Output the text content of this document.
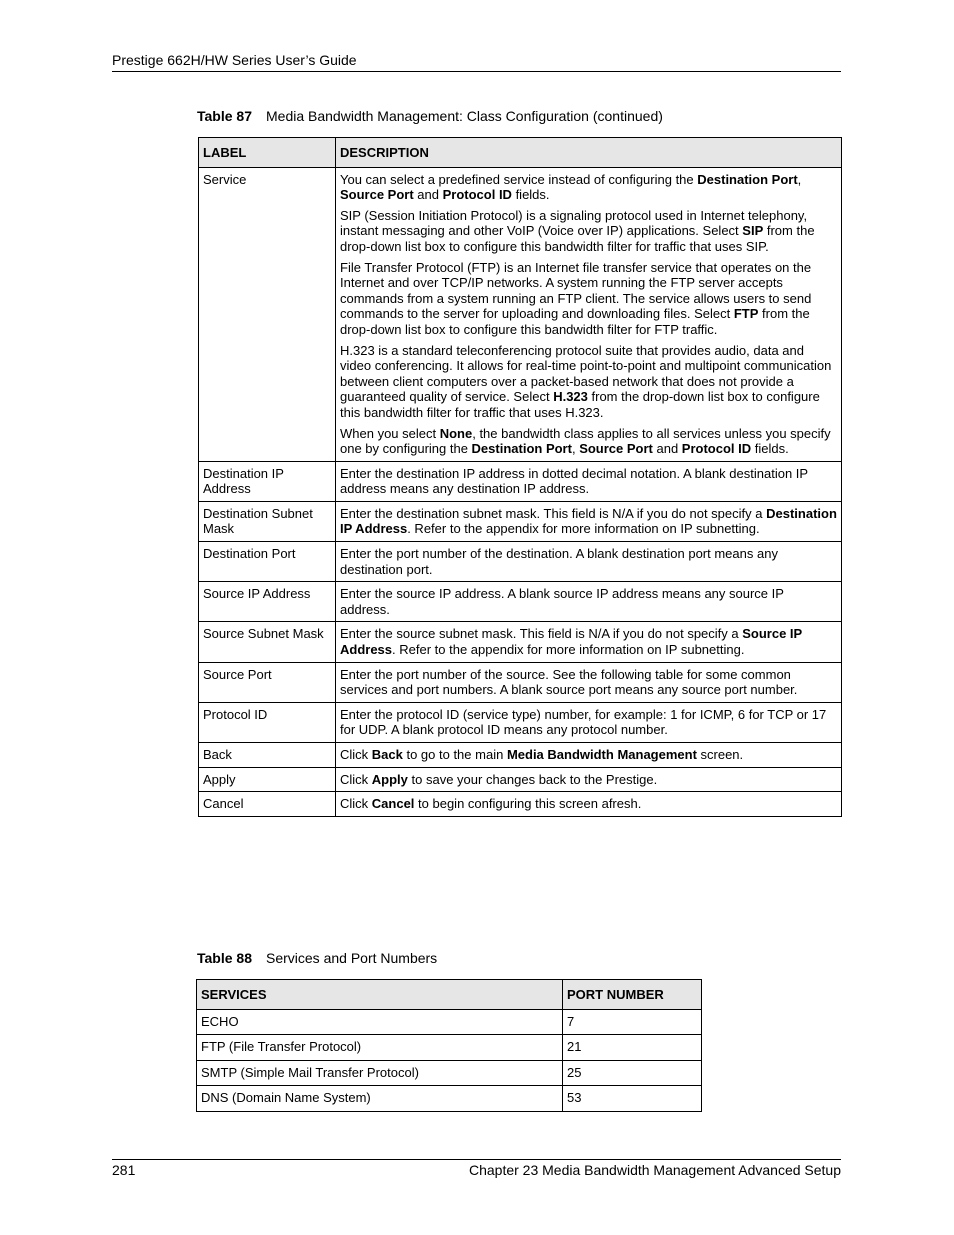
Prestige 662H/HW Series User’s Guide
Table 87 Media Bandwidth Management: Class Configuration (continued)
LABEL	DESCRIPTION
Service	You can select a predefined service instead of configuring the Destination Port, Source Port and Protocol ID fields.

SIP (Session Initiation Protocol) is a signaling protocol used in Internet telephony, instant messaging and other VoIP (Voice over IP) applications. Select SIP from the drop-down list box to configure this bandwidth filter for traffic that uses SIP.

File Transfer Protocol (FTP) is an Internet file transfer service that operates on the Internet and over TCP/IP networks. A system running the FTP server accepts commands from a system running an FTP client. The service allows users to send commands to the server for uploading and downloading files. Select FTP from the drop-down list box to configure this bandwidth filter for FTP traffic.

H.323 is a standard teleconferencing protocol suite that provides audio, data and video conferencing. It allows for real-time point-to-point and multipoint communication between client computers over a packet-based network that does not provide a guaranteed quality of service. Select H.323 from the drop-down list box to configure this bandwidth filter for traffic that uses H.323.

When you select None, the bandwidth class applies to all services unless you specify one by configuring the Destination Port, Source Port and Protocol ID fields.

Destination IP Address	Enter the destination IP address in dotted decimal notation. A blank destination IP address means any destination IP address.

Destination Subnet Mask	Enter the destination subnet mask. This field is N/A if you do not specify a Destination IP Address. Refer to the appendix for more information on IP subnetting.

Destination Port	Enter the port number of the destination. A blank destination port means any destination port.

Source IP Address	Enter the source IP address. A blank source IP address means any source IP address.

Source Subnet Mask	Enter the source subnet mask. This field is N/A if you do not specify a Source IP Address. Refer to the appendix for more information on IP subnetting.

Source Port	Enter the port number of the source. See the following table for some common services and port numbers. A blank source port means any source port number.

Protocol ID	Enter the protocol ID (service type) number, for example: 1 for ICMP, 6 for TCP or 17 for UDP. A blank protocol ID means any protocol number.

Back	Click Back to go to the main Media Bandwidth Management screen.

Apply	Click Apply to save your changes back to the Prestige.

Cancel	Click Cancel to begin configuring this screen afresh.

Table 88 Services and Port Numbers
SERVICES	PORT NUMBER
ECHO	7
FTP (File Transfer Protocol)	21
SMTP (Simple Mail Transfer Protocol)	25
DNS (Domain Name System)	53
281	Chapter 23 Media Bandwidth Management Advanced Setup
